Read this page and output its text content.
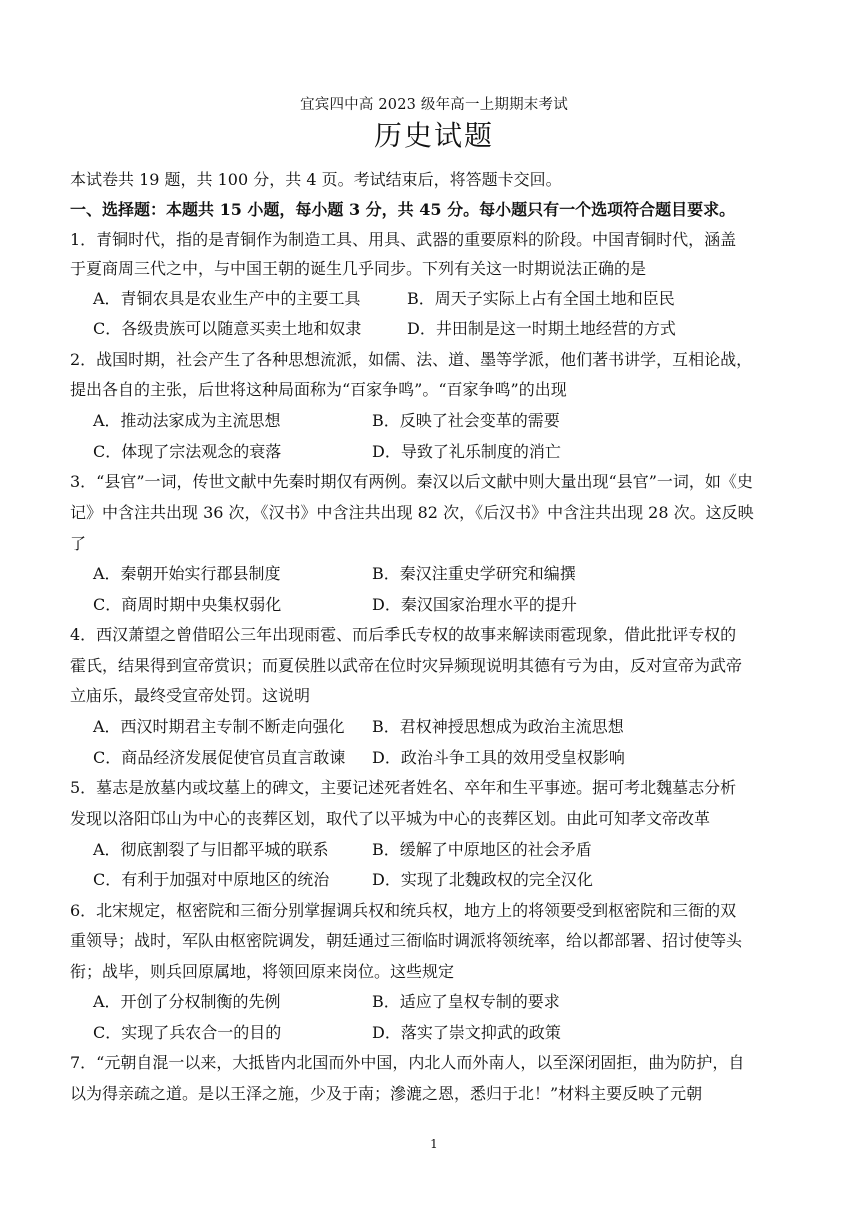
宜宾四中高 2023 级年高一上期期末考试
历史试题
本试卷共 19 题，共 100 分，共 4 页。考试结束后，将答题卡交回。
一、选择题：本题共 15 小题，每小题 3 分，共 45 分。每小题只有一个选项符合题目要求。
1．青铜时代，指的是青铜作为制造工具、用具、武器的重要原料的阶段。中国青铜时代，涵盖
于夏商周三代之中，与中国王朝的诞生几乎同步。下列有关这一时期说法正确的是
A．青铜农具是农业生产中的主要工具	B．周天子实际上占有全国土地和臣民
C．各级贵族可以随意买卖土地和奴隶	D．井田制是这一时期土地经营的方式
2．战国时期，社会产生了各种思想流派，如儒、法、道、墨等学派，他们著书讲学，互相论战，
提出各自的主张，后世将这种局面称为“百家争鸣”。“百家争鸣”的出现
A．推动法家成为主流思想	B．反映了社会变革的需要
C．体现了宗法观念的衰落	D．导致了礼乐制度的消亡
3．“县官”一词，传世文献中先秦时期仅有两例。秦汉以后文献中则大量出现“县官”一词，如《史
记》中含注共出现 36 次，《汉书》中含注共出现 82 次，《后汉书》中含注共出现 28 次。这反映
了
A．秦朝开始实行郡县制度	B．秦汉注重史学研究和编撰
C．商周时期中央集权弱化	D．秦汉国家治理水平的提升
4．西汉萧望之曾借昭公三年出现雨雹、而后季氏专权的故事来解读雨雹现象，借此批评专权的
霍氏，结果得到宣帝赏识；而夏侯胜以武帝在位时灾异频现说明其德有亏为由，反对宣帝为武帝
立庙乐，最终受宣帝处罚。这说明
A．西汉时期君主专制不断走向强化 B．君权神授思想成为政治主流思想
C．商品经济发展促使官员直言敢谏 D．政治斗争工具的效用受皇权影响
5．墓志是放墓内或坟墓上的碑文，主要记述死者姓名、卒年和生平事迹。据可考北魏墓志分析
发现以洛阳邙山为中心的丧葬区划，取代了以平城为中心的丧葬区划。由此可知孝文帝改革
A．彻底割裂了与旧都平城的联系	B．缓解了中原地区的社会矛盾
C．有利于加强对中原地区的统治	D．实现了北魏政权的完全汉化
6．北宋规定，枢密院和三衙分别掌握调兵权和统兵权，地方上的将领要受到枢密院和三衙的双
重领导；战时，军队由枢密院调发，朝廷通过三衙临时调派将领统率，给以都部署、招讨使等头
衔；战毕，则兵回原属地，将领回原来岗位。这些规定
A．开创了分权制衡的先例	B．适应了皇权专制的要求
C．实现了兵农合一的目的	D．落实了崇文抑武的政策
7．“元朝自混一以来，大抵皆内北国而外中国，内北人而外南人，以至深闭固拒，曲为防护，自
以为得亲疏之道。是以王泽之施，少及于南；滲漉之恩，悉归于北！”材料主要反映了元朝
1
